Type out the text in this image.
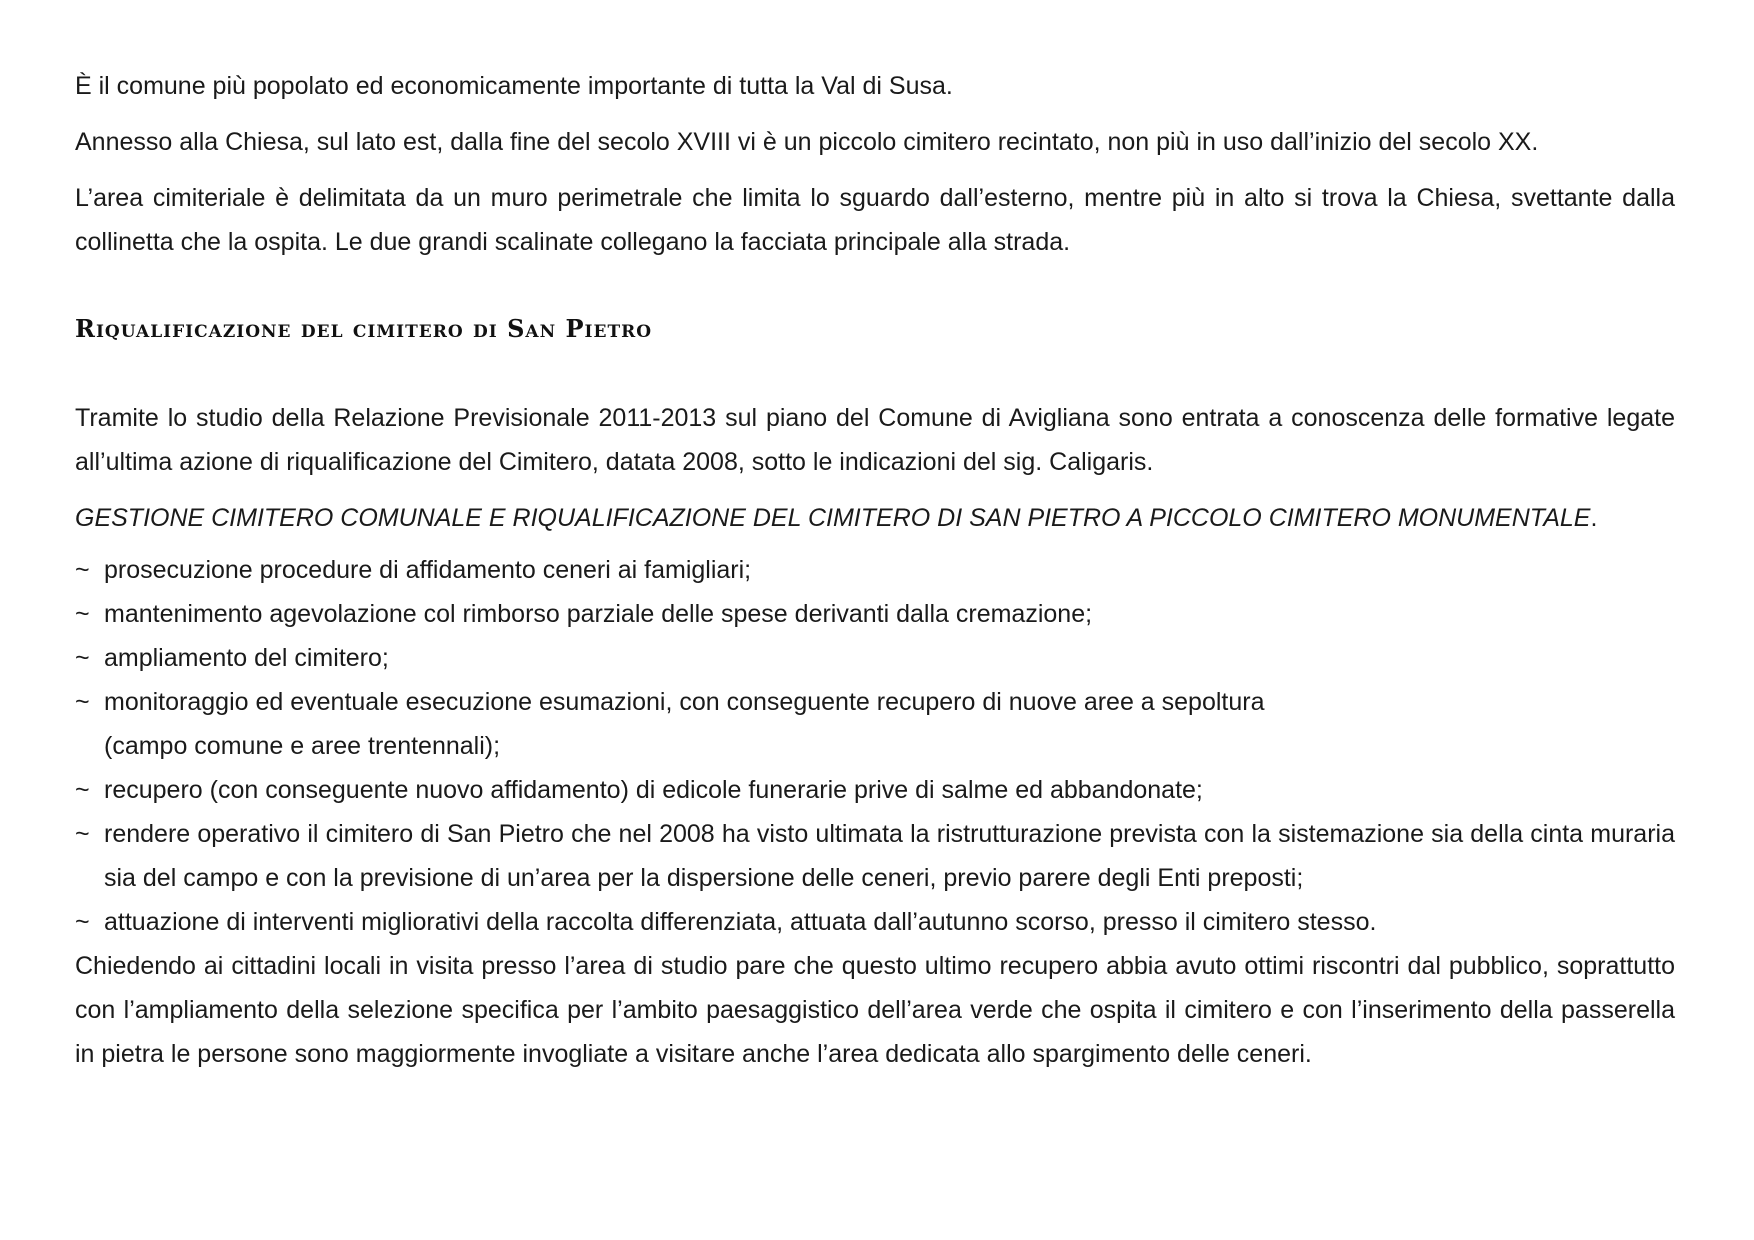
È il comune più popolato ed economicamente importante di tutta la Val di Susa.

Annesso alla Chiesa, sul lato est, dalla fine del secolo XVIII vi è un piccolo cimitero recintato, non più in uso dall’inizio del secolo XX.

L’area cimiteriale è delimitata da un muro perimetrale che limita lo sguardo dall’esterno, mentre più in alto si trova la Chiesa, svettante dalla collinetta che la ospita. Le due grandi scalinate collegano la facciata principale alla strada.

Riqualificazione del cimitero di San Pietro

Tramite lo studio della Relazione Previsionale 2011-2013 sul piano del Comune di Avigliana sono entrata a conoscenza delle formative legate all’ultima azione di riqualificazione del Cimitero, datata 2008, sotto le indicazioni del sig. Caligaris.

GESTIONE CIMITERO COMUNALE E RIQUALIFICAZIONE DEL CIMITERO DI SAN PIETRO A PICCOLO CIMITERO MONUMENTALE.

~ prosecuzione procedure di affidamento ceneri ai famigliari;
~ mantenimento agevolazione col rimborso parziale delle spese derivanti dalla cremazione;
~ ampliamento del cimitero;
~ monitoraggio ed eventuale esecuzione esumazioni, con conseguente recupero di nuove aree a sepoltura
(campo comune e aree trentennali);
~ recupero (con conseguente nuovo affidamento) di edicole funerarie prive di salme ed abbandonate;
~ rendere operativo il cimitero di San Pietro che nel 2008 ha visto ultimata la ristrutturazione prevista con la sistemazione sia della cinta muraria sia del campo e con la previsione di un’area per la dispersione delle ceneri, previo parere degli Enti preposti;
~ attuazione di interventi migliorativi della raccolta differenziata, attuata dall’autunno scorso, presso il cimitero stesso.

Chiedendo ai cittadini locali in visita presso l’area di studio pare che questo ultimo recupero abbia avuto ottimi riscontri dal pubblico, soprattutto con l’ampliamento della selezione specifica per l’ambito paesaggistico dell’area verde che ospita il cimitero e con l’inserimento della passerella in pietra le persone sono maggiormente invogliate a visitare anche l’area dedicata allo spargimento delle ceneri.
